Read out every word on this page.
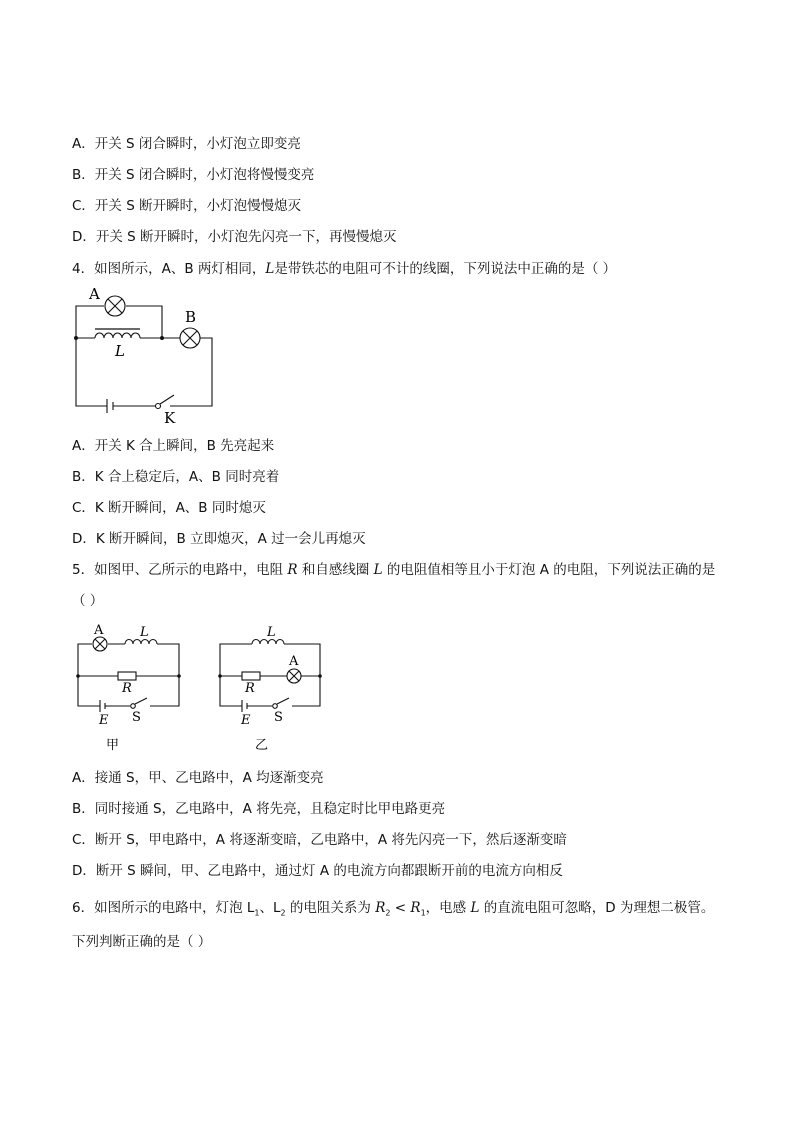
A．开关 S 闭合瞬时，小灯泡立即变亮
B．开关 S 闭合瞬时，小灯泡将慢慢变亮
C．开关 S 断开瞬时，小灯泡慢慢熄灭
D．开关 S 断开瞬时，小灯泡先闪亮一下，再慢慢熄灭
4．如图所示，A、B 两灯相同，L是带铁芯的电阻可不计的线圈，下列说法中正确的是（ ）
A
B
L
K
A．开关 K 合上瞬间，B 先亮起来
B．K 合上稳定后，A、B 同时亮着
C．K 断开瞬间，A、B 同时熄灭
D．K 断开瞬间，B 立即熄灭，A 过一会儿再熄灭
5．如图甲、乙所示的电路中，电阻 R 和自感线圈 L 的电阻值相等且小于灯泡 A 的电阻，下列说法正确的是
（ ）
A	L
R
E S
甲
L
A
R
E S
乙
A．接通 S，甲、乙电路中，A 均逐渐变亮
B．同时接通 S，乙电路中，A 将先亮，且稳定时比甲电路更亮
C．断开 S，甲电路中，A 将逐渐变暗，乙电路中，A 将先闪亮一下，然后逐渐变暗
D．断开 S 瞬间，甲、乙电路中，通过灯 A 的电流方向都跟断开前的电流方向相反
6．如图所示的电路中，灯泡 $L_1$、$L_2$ 的电阻关系为 $R_2 < R_1$，电感 L 的直流电阻可忽略，D 为理想二极管。
下列判断正确的是（ ）
